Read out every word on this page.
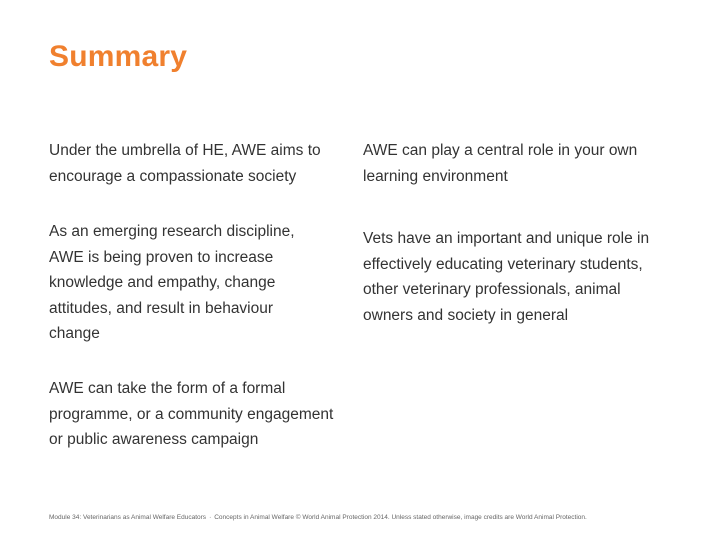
Summary
Under the umbrella of HE, AWE aims to
encourage a compassionate society
As an emerging research discipline,
AWE is being proven to increase
knowledge and empathy, change
attitudes, and result in behaviour
change
AWE can take the form of a formal
programme, or a community engagement
or public awareness campaign
AWE can play a central role in your own
learning environment
Vets have an important and unique role in
effectively educating veterinary students,
other veterinary professionals, animal
owners and society in general
Module 34: Veterinarians as Animal Welfare Educators · Concepts in Animal Welfare © World Animal Protection 2014. Unless stated otherwise, image credits are World Animal Protection.
